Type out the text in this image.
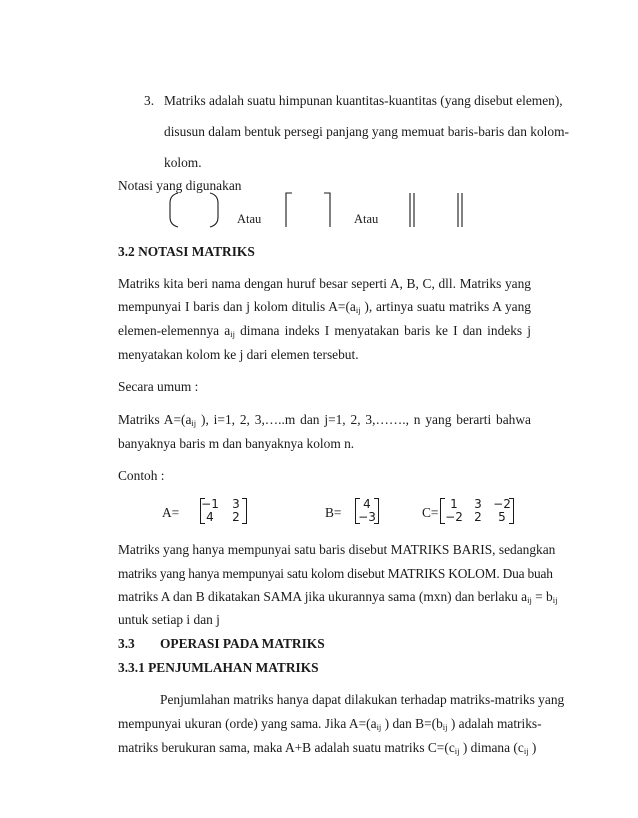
3. Matriks adalah suatu himpunan kuantitas-kuantitas (yang disebut elemen),
disusun dalam bentuk persegi panjang yang memuat baris-baris dan kolom-
kolom.
Notasi yang digunakan
Atau	Atau
3.2 NOTASI MATRIKS
Matriks kita beri nama dengan huruf besar seperti A, B, C, dll. Matriks yang
mempunyai I baris dan j kolom ditulis A=(aij ), artinya suatu matriks A yang
elemen-elemennya aij dimana indeks I menyatakan baris ke I dan indeks j
menyatakan kolom ke j dari elemen tersebut.
Secara umum :
Matriks A=(aij ), i=1, 2, 3,…..m dan j=1, 2, 3,……., n yang berarti bahwa
banyaknya baris m dan banyaknya kolom n.
Contoh :
A=
−1	3
4	2	B=
4
−3	C=
1	3 −2
−2 2	5
Matriks yang hanya mempunyai satu baris disebut MATRIKS BARIS, sedangkan
matriks yang hanya mempunyai satu kolom disebut MATRIKS KOLOM. Dua buah
matriks A dan B dikatakan SAMA jika ukurannya sama (mxn) dan berlaku aij = bij
untuk setiap i dan j
3.3 OPERASI PADA MATRIKS
3.3.1 PENJUMLAHAN MATRIKS
Penjumlahan matriks hanya dapat dilakukan terhadap matriks-matriks yang
mempunyai ukuran (orde) yang sama. Jika A=(aij ) dan B=(bij ) adalah matriks-
matriks berukuran sama, maka A+B adalah suatu matriks C=(cij ) dimana (cij )
